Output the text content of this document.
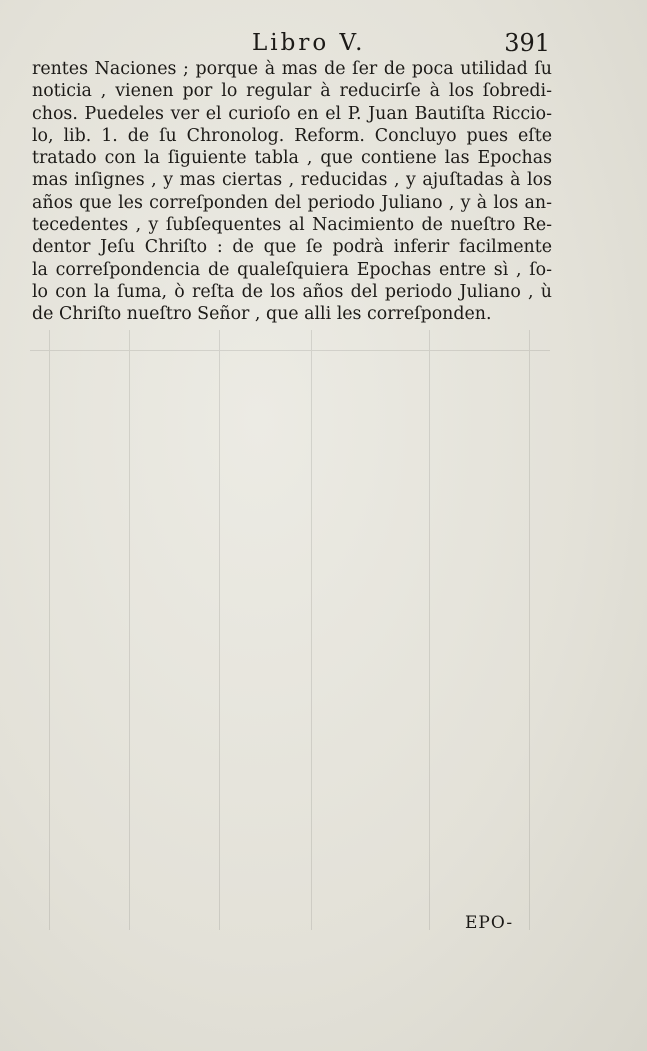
Libro V.	391

rentes Naciones ; porque à mas de ſer de poca utilidad ſu

noticia , vienen por lo regular à reducirſe à los ſobredi-

chos. Puedeles ver el curioſo en el P. Juan Bautiſta Riccio-

lo, lib. 1. de ſu Chronolog. Reform. Concluyo pues eſte

tratado con la ſiguiente tabla , que contiene las Epochas

mas inſignes , y mas ciertas , reducidas , y ajuſtadas à los

años que les correſponden del periodo Juliano , y à los an-

tecedentes , y ſubſequentes al Nacimiento de nueſtro Re-

dentor Jeſu Chriſto : de que ſe podrà inferir facilmente

la correſpondencia de qualeſquiera Epochas entre sì , ſo-

lo con la ſuma, ò reſta de los años del periodo Juliano , ù

de Chriſto nueſtro Señor , que alli les correſponden.

EPO-
